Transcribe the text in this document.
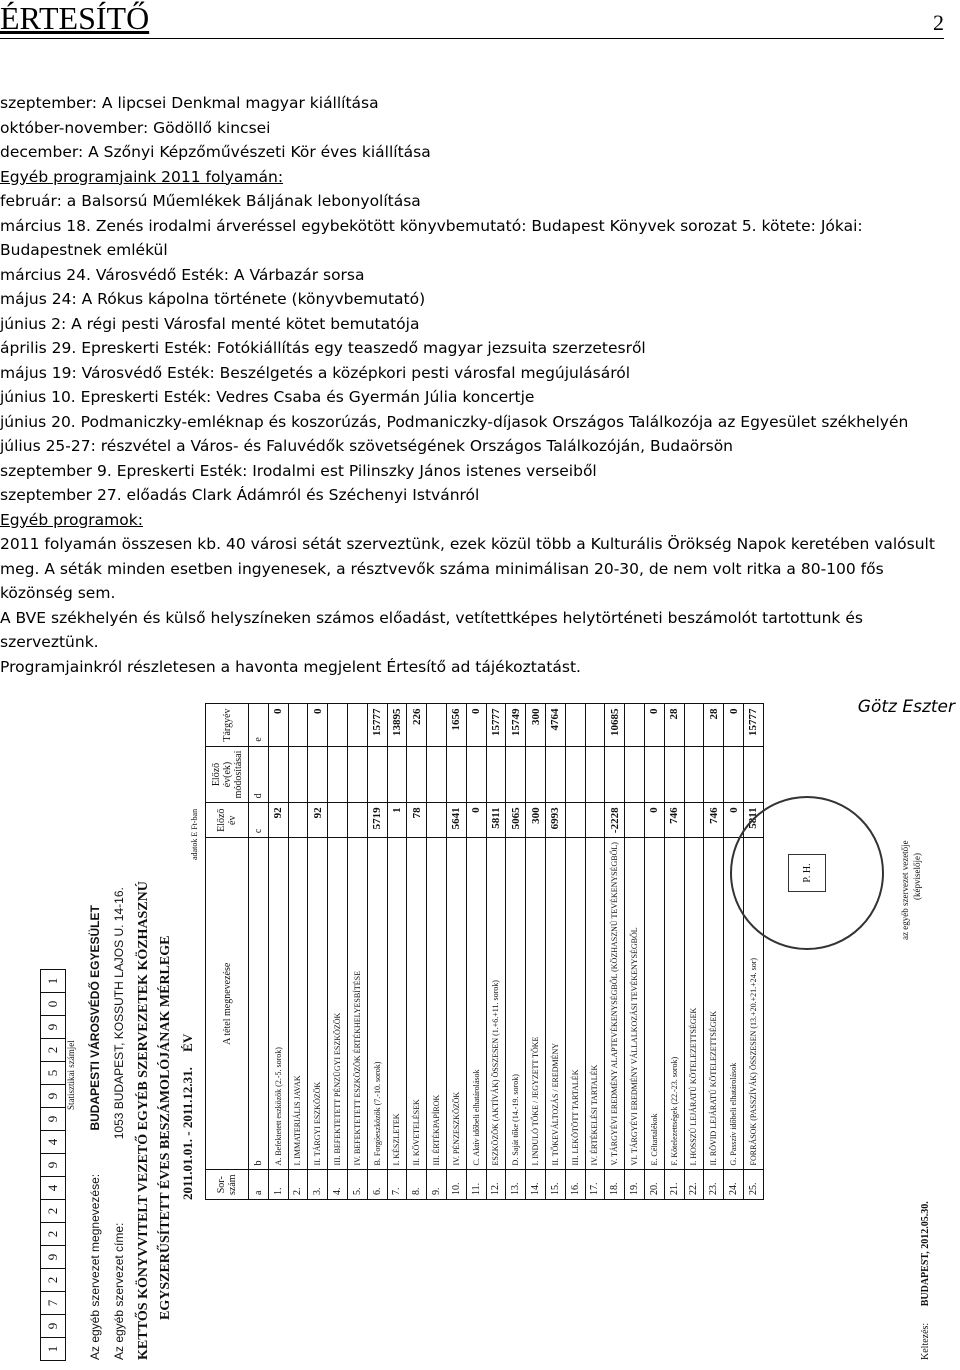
ÉRTESÍTŐ	2
szeptember: A lipcsei Denkmal magyar kiállítása
október-november: Gödöllő kincsei
december: A Szőnyi Képzőművészeti Kör éves kiállítása
Egyéb programjaink 2011 folyamán:
február: a Balsorsú Műemlékek Báljának lebonyolítása
március 18. Zenés irodalmi árveréssel egybekötött könyvbemutató: Budapest Könyvek sorozat 5. kötete: Jókai: Budapestnek emlékül
március 24. Városvédő Esték: A Várbazár sorsa
május 24: A Rókus kápolna története (könyvbemutató)
június 2: A régi pesti Városfal menté kötet bemutatója
április 29. Epreskerti Esték: Fotókiállítás egy teaszedő magyar jezsuita szerzetesről
május 19: Városvédő Esték: Beszélgetés a középkori pesti városfal megújulásáról
június 10. Epreskerti Esték: Vedres Csaba és Gyermán Júlia koncertje
június 20. Podmaniczky-emléknap és koszorúzás, Podmaniczky-díjasok Országos Találkozója az Egyesület székhelyén
július 25-27: részvétel a Város- és Faluvédők szövetségének Országos Találkozóján, Budaörsön
szeptember 9. Epreskerti Esték: Irodalmi est Pilinszky János istenes verseiből
szeptember 27. előadás Clark Ádámról és Széchenyi Istvánról
Egyéb programok:
2011 folyamán összesen kb. 40 városi sétát szerveztünk, ezek közül több a Kulturális Örökség Napok keretében valósult meg. A séták minden esetben ingyenesek, a résztvevők száma minimálisan 20-30, de nem volt ritka a 80-100 fős közönség sem.
A BVE székhelyén és külső helyszíneken számos előadást, vetítettképes helytörténeti beszámolót tartottunk és szerveztünk.
Programjainkról részletesen a havonta megjelent Értesítő ad tájékoztatást.
Götz Eszter
1
9
7
2
9
2
2
4
9
4
9
9
5
2
9
0
1
Statisztikai számjel
Az egyéb szervezet megnevezése: BUDAPESTI VÁROSVÉDŐ EGYESÜLET
Az egyéb szervezet címe: 1053 BUDAPEST, KOSSUTH LAJOS U. 14-16. KETTŐS KÖNYVVITELT VEZETŐ EGYÉB SZERVEZETEK KÖZHASZNÚ EGYSZERŰSÍTETT ÉVES BESZÁMOLÓJÁNAK MÉRLEGE 2011.01.01. - 2011.12.31. ÉV
adatok E Ft-ban
Sor-szám	A tétel megnevezése	Előző év	Előző év(ek) módosításai	Tárgyév
a	b	c	d	e
1.	A. Befektetett eszközök (2.-5. sorok)	92		0
2.	I. IMMATERIÁLIS JAVAK			
3.	II. TÁRGYI ESZKÖZÖK	92		0
4.	III. BEFEKTETETT PÉNZÜGYI ESZKÖZÖK			
5.	IV. BEFEKTETETT ESZKÖZÖK ÉRTÉKHELYESBÍTÉSE			
6.	B. Forgóeszközök (7.-10. sorok)	5719		15777
7.	I. KÉSZLETEK	1		13895
8.	II. KÖVETELÉSEK	78		226
9.	III. ÉRTÉKPAPÍROK			
10.	IV. PÉNZESZKÖZÖK	5641		1656
11.	C. Aktív időbeli elhatárolások	0		0
12.	ESZKÖZÖK (AKTÍVÁK) ÖSSZESEN (1.+6.+11. sorok)	5811		15777
13.	D. Saját tőke (14.-19. sorok)	5065		15749
14.	I. INDULÓ TŐKE / JEGYZETT TŐKE	300		300
15.	II. TŐKEVÁLTOZÁS / EREDMÉNY	6993		4764
16.	III. LEKÖTÖTT TARTALÉK			
17.	IV. ÉRTÉKELÉSI TARTALÉK			
18.	V. TÁRGYÉVI EREDMÉNY ALAPTEVÉKENYSÉGBŐL (KÖZHASZNÚ TEVÉKENYSÉGBŐL)	-2228		10685
19.	VI. TÁRGYÉVI EREDMÉNY VÁLLALKOZÁSI TEVÉKENYSÉGBŐL			
20.	E. Céltartalékok	0		0
21.	F. Kötelezettségek (22.-23. sorok)	746		28
22.	I. HOSSZÚ LEJÁRATÚ KÖTELEZETTSÉGEK			
23.	II. RÖVID LEJÁRATÚ KÖTELEZETTSÉGEK	746		28
24.	G. Passzív időbeli elhatárolások	0		0
25.	FORRÁSOK (PASSZÍVÁK) ÖSSZESEN (13.+20.+21.+24. sor)	5811		15777
Keltezés: BUDAPEST, 2012.05.30.
P. H.	az egyéb szervezet vezetője (képviselője)
